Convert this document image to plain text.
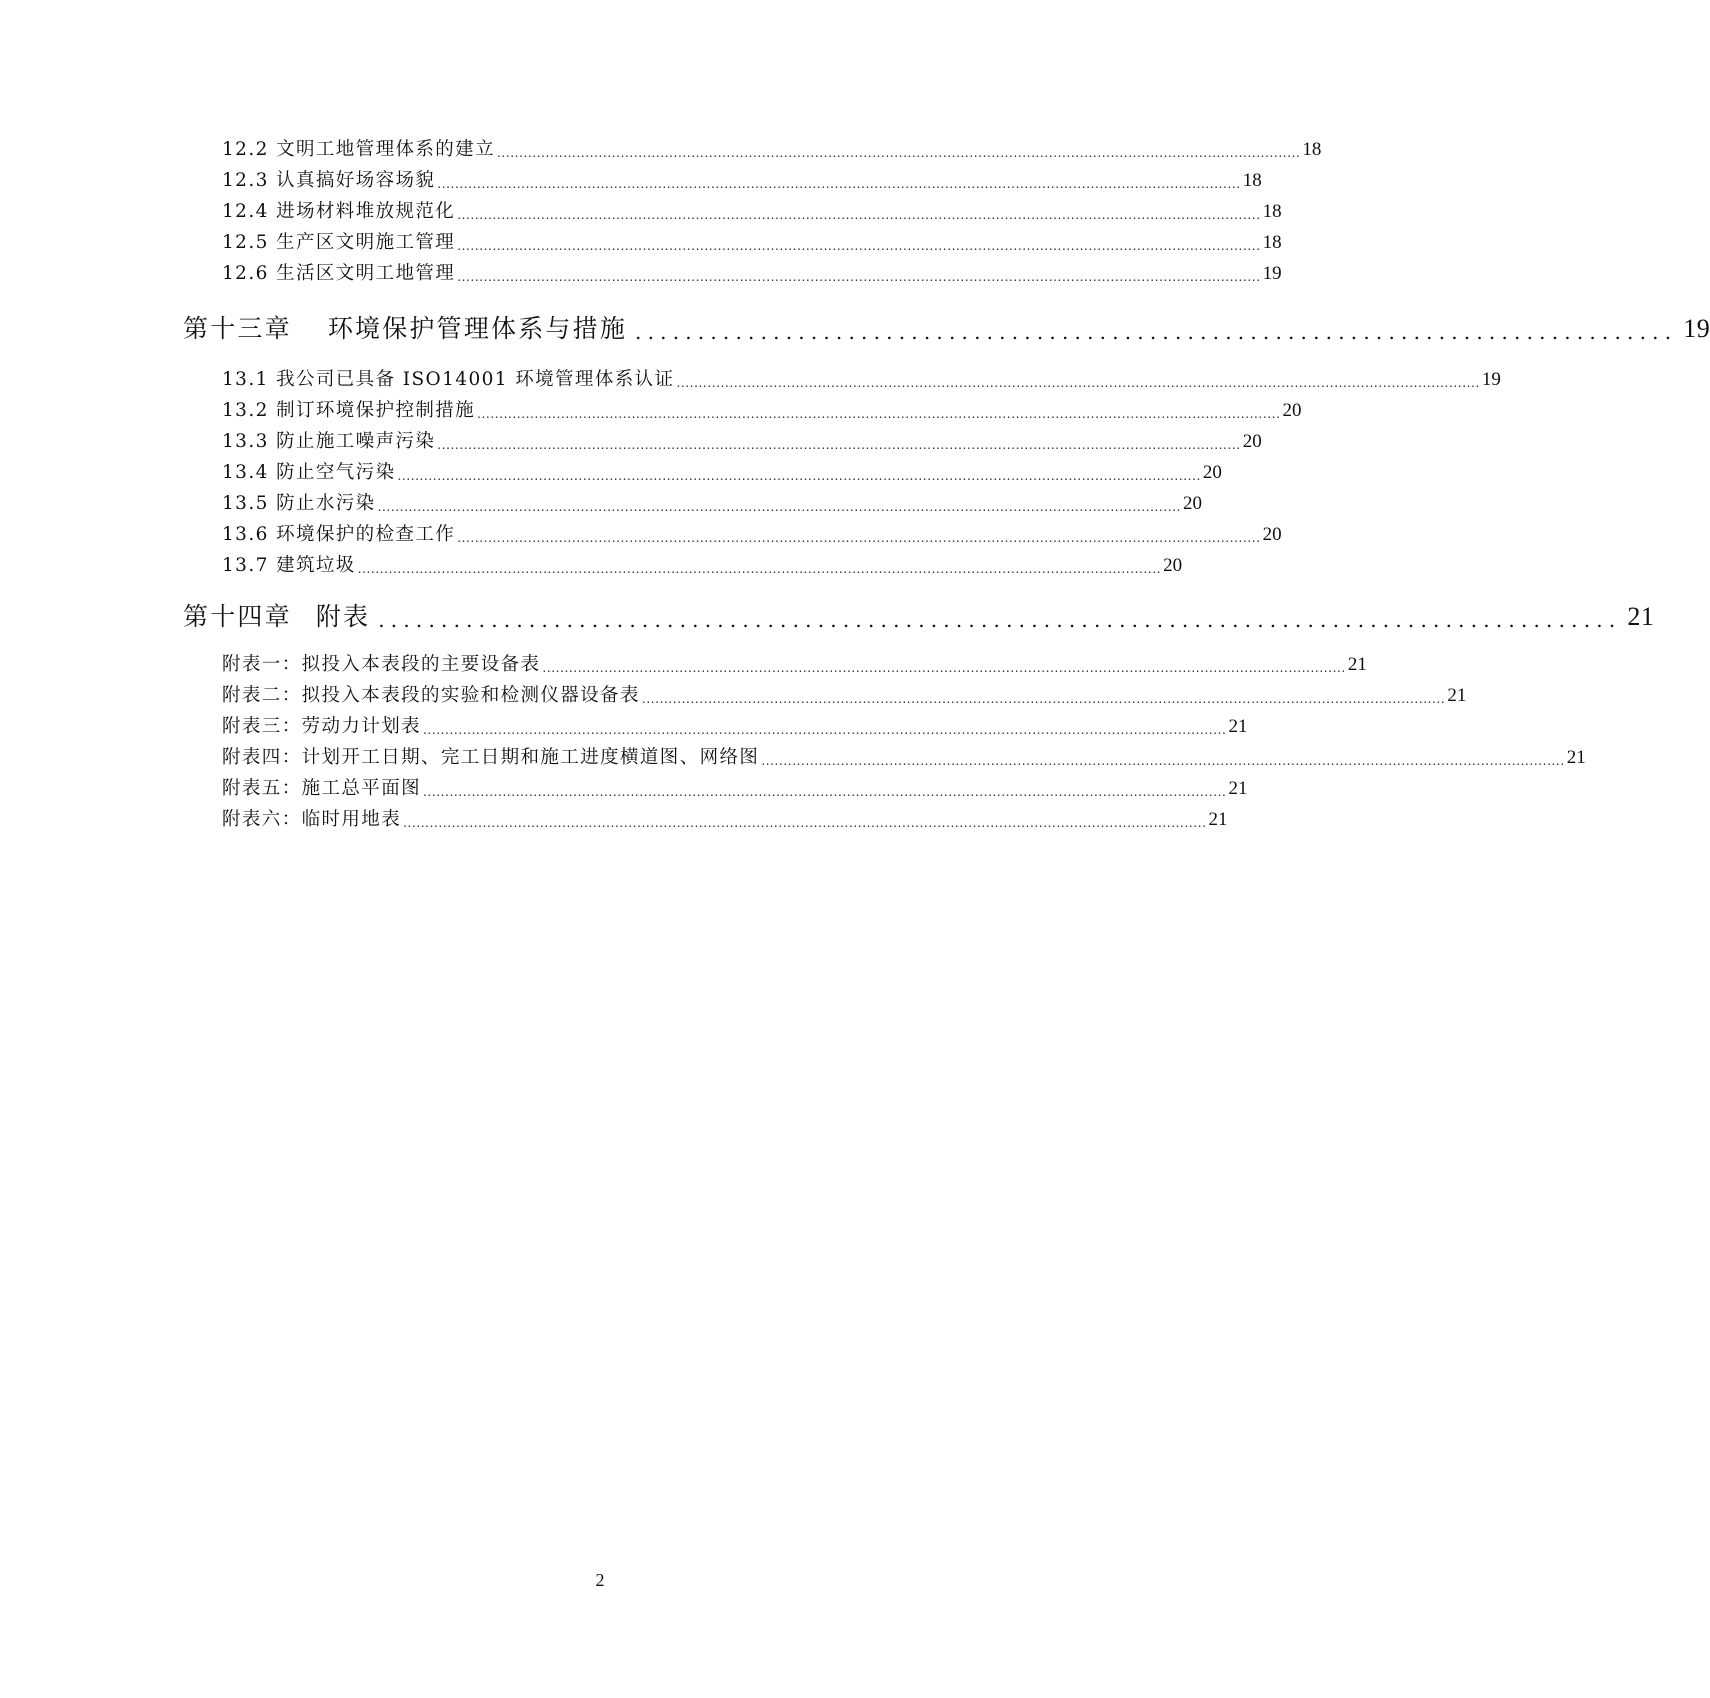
12.2 文明工地管理体系的建立 ...................................................................................................................................................................................... 18
12.3 认真搞好场容场貌 ...................................................................................................................................................................................... 18
12.4 进场材料堆放规范化 ...................................................................................................................................................................................... 18
12.5 生产区文明施工管理 ...................................................................................................................................................................................... 18
12.6 生活区文明工地管理 ...................................................................................................................................................................................... 19
第十三章 环境保护管理体系与措施 ................................................................................... 19
13.1 我公司已具备 ISO14001 环境管理体系认证 ...................................................................................................................................................................................... 19
13.2 制订环境保护控制措施 ...................................................................................................................................................................................... 20
13.3 防止施工噪声污染 ...................................................................................................................................................................................... 20
13.4 防止空气污染 ...................................................................................................................................................................................... 20
13.5 防止水污染 ...................................................................................................................................................................................... 20
13.6 环境保护的检查工作 ...................................................................................................................................................................................... 20
13.7 建筑垃圾 ...................................................................................................................................................................................... 20
第十四章 附表 ................................................................................................... 21
附表一：拟投入本表段的主要设备表 ...................................................................................................................................................................................... 21
附表二：拟投入本表段的实验和检测仪器设备表 ...................................................................................................................................................................................... 21
附表三：劳动力计划表 ...................................................................................................................................................................................... 21
附表四：计划开工日期、完工日期和施工进度横道图、网络图 ...................................................................................................................................................................................... 21
附表五：施工总平面图 ...................................................................................................................................................................................... 21
附表六：临时用地表 ...................................................................................................................................................................................... 21
2
